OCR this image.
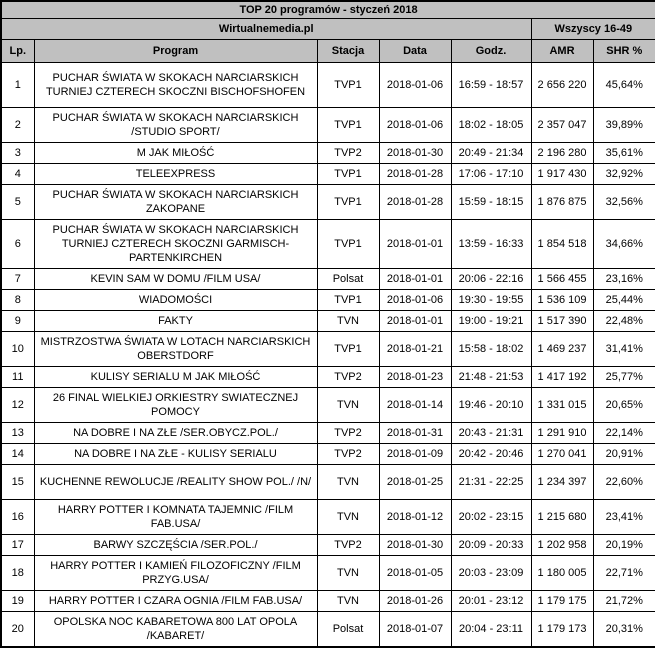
TOP 20 programów - styczeń 2018						
Wirtualnemedia.pl					Wszyscy 16-49	
Lp.	Program	Stacja	Data	Godz.	AMR	SHR %
1	PUCHAR ŚWIATA W SKOKACH NARCIARSKICH TURNIEJ CZTERECH SKOCZNI BISCHOFSHOFEN	TVP1	2018-01-06	16:59 - 18:57	2 656 220	45,64%
2	PUCHAR ŚWIATA W SKOKACH NARCIARSKICH /STUDIO SPORT/	TVP1	2018-01-06	18:02 - 18:05	2 357 047	39,89%
3	M JAK MIŁOŚĆ	TVP2	2018-01-30	20:49 - 21:34	2 196 280	35,61%
4	TELEEXPRESS	TVP1	2018-01-28	17:06 - 17:10	1 917 430	32,92%
5	PUCHAR ŚWIATA W SKOKACH NARCIARSKICH ZAKOPANE	TVP1	2018-01-28	15:59 - 18:15	1 876 875	32,56%
6	PUCHAR ŚWIATA W SKOKACH NARCIARSKICH TURNIEJ CZTERECH SKOCZNI GARMISCH-PARTENKIRCHEN	TVP1	2018-01-01	13:59 - 16:33	1 854 518	34,66%
7	KEVIN SAM W DOMU /FILM USA/	Polsat	2018-01-01	20:06 - 22:16	1 566 455	23,16%
8	WIADOMOŚCI	TVP1	2018-01-06	19:30 - 19:55	1 536 109	25,44%
9	FAKTY	TVN	2018-01-01	19:00 - 19:21	1 517 390	22,48%
10	MISTRZOSTWA ŚWIATA W LOTACH NARCIARSKICH OBERSTDORF	TVP1	2018-01-21	15:58 - 18:02	1 469 237	31,41%
11	KULISY SERIALU M JAK MIŁOŚĆ	TVP2	2018-01-23	21:48 - 21:53	1 417 192	25,77%
12	26 FINAL WIELKIEJ ORKIESTRY SWIATECZNEJ POMOCY	TVN	2018-01-14	19:46 - 20:10	1 331 015	20,65%
13	NA DOBRE I NA ZŁE /SER.OBYCZ.POL./	TVP2	2018-01-31	20:43 - 21:31	1 291 910	22,14%
14	NA DOBRE I NA ZŁE - KULISY SERIALU	TVP2	2018-01-09	20:42 - 20:46	1 270 041	20,91%
15	KUCHENNE REWOLUCJE /REALITY SHOW POL./ /N/	TVN	2018-01-25	21:31 - 22:25	1 234 397	22,60%
16	HARRY POTTER I KOMNATA TAJEMNIC /FILM FAB.USA/	TVN	2018-01-12	20:02 - 23:15	1 215 680	23,41%
17	BARWY SZCZĘŚCIA /SER.POL./	TVP2	2018-01-30	20:09 - 20:33	1 202 958	20,19%
18	HARRY POTTER I KAMIEŃ FILOZOFICZNY /FILM PRZYG.USA/	TVN	2018-01-05	20:03 - 23:09	1 180 005	22,71%
19	HARRY POTTER I CZARA OGNIA /FILM FAB.USA/	TVN	2018-01-26	20:01 - 23:12	1 179 175	21,72%
20	OPOLSKA NOC KABARETOWA 800 LAT OPOLA /KABARET/	Polsat	2018-01-07	20:04 - 23:11	1 179 173	20,31%
